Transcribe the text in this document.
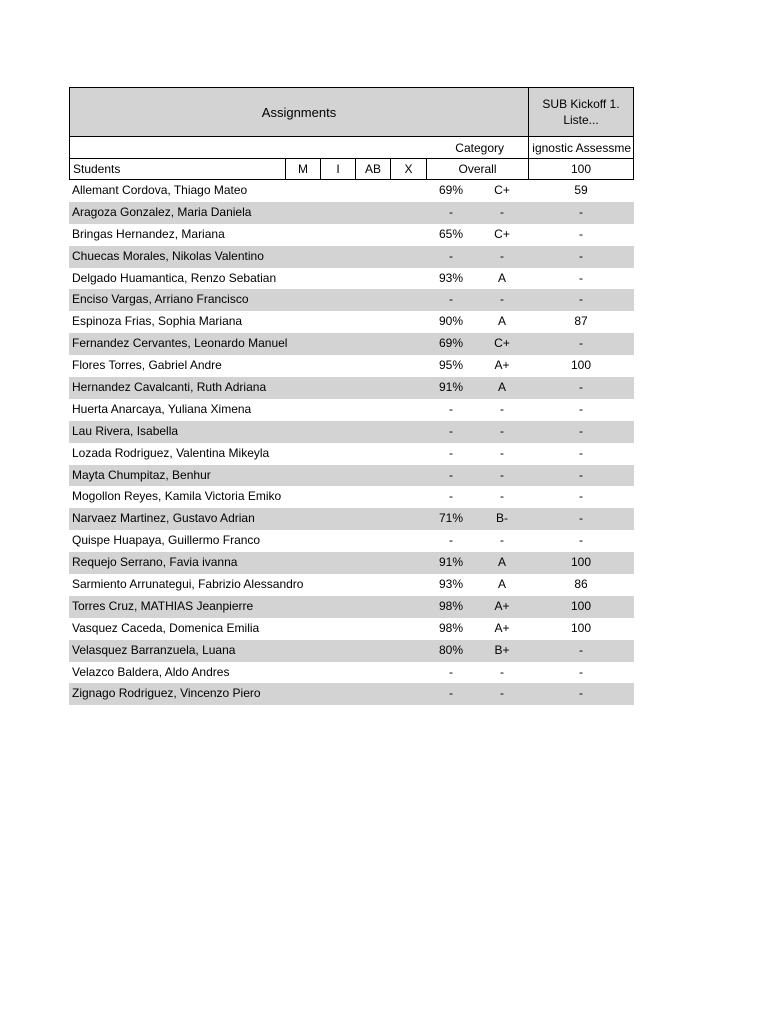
Assignments
SUB Kickoff 1. Liste...
Category	ignostic Assessme
Students	M	I	AB	X	Overall	100
Allemant Cordova, Thiago Mateo	69%	C+	59
Aragoza Gonzalez, Maria Daniela	-	-	-
Bringas Hernandez, Mariana	65%	C+	-
Chuecas Morales, Nikolas Valentino	-	-	-
Delgado Huamantica, Renzo Sebatian	93%	A	-
Enciso Vargas, Arriano Francisco	-	-	-
Espinoza Frias, Sophia Mariana	90%	A	87
Fernandez Cervantes, Leonardo Manuel	69%	C+	-
Flores Torres, Gabriel Andre	95%	A+	100
Hernandez Cavalcanti, Ruth Adriana	91%	A	-
Huerta Anarcaya, Yuliana Ximena	-	-	-
Lau Rivera, Isabella	-	-	-
Lozada Rodriguez, Valentina Mikeyla	-	-	-
Mayta Chumpitaz, Benhur	-	-	-
Mogollon Reyes, Kamila Victoria Emiko	-	-	-
Narvaez Martinez, Gustavo Adrian	71%	B-	-
Quispe Huapaya, Guillermo Franco	-	-	-
Requejo Serrano, Favia ivanna	91%	A	100
Sarmiento Arrunategui, Fabrizio Alessandro	93%	A	86
Torres Cruz, MATHIAS Jeanpierre	98%	A+	100
Vasquez Caceda, Domenica Emilia	98%	A+	100
Velasquez Barranzuela, Luana	80%	B+	-
Velazco Baldera, Aldo Andres	-	-	-
Zignago Rodriguez, Vincenzo Piero	-	-	-
